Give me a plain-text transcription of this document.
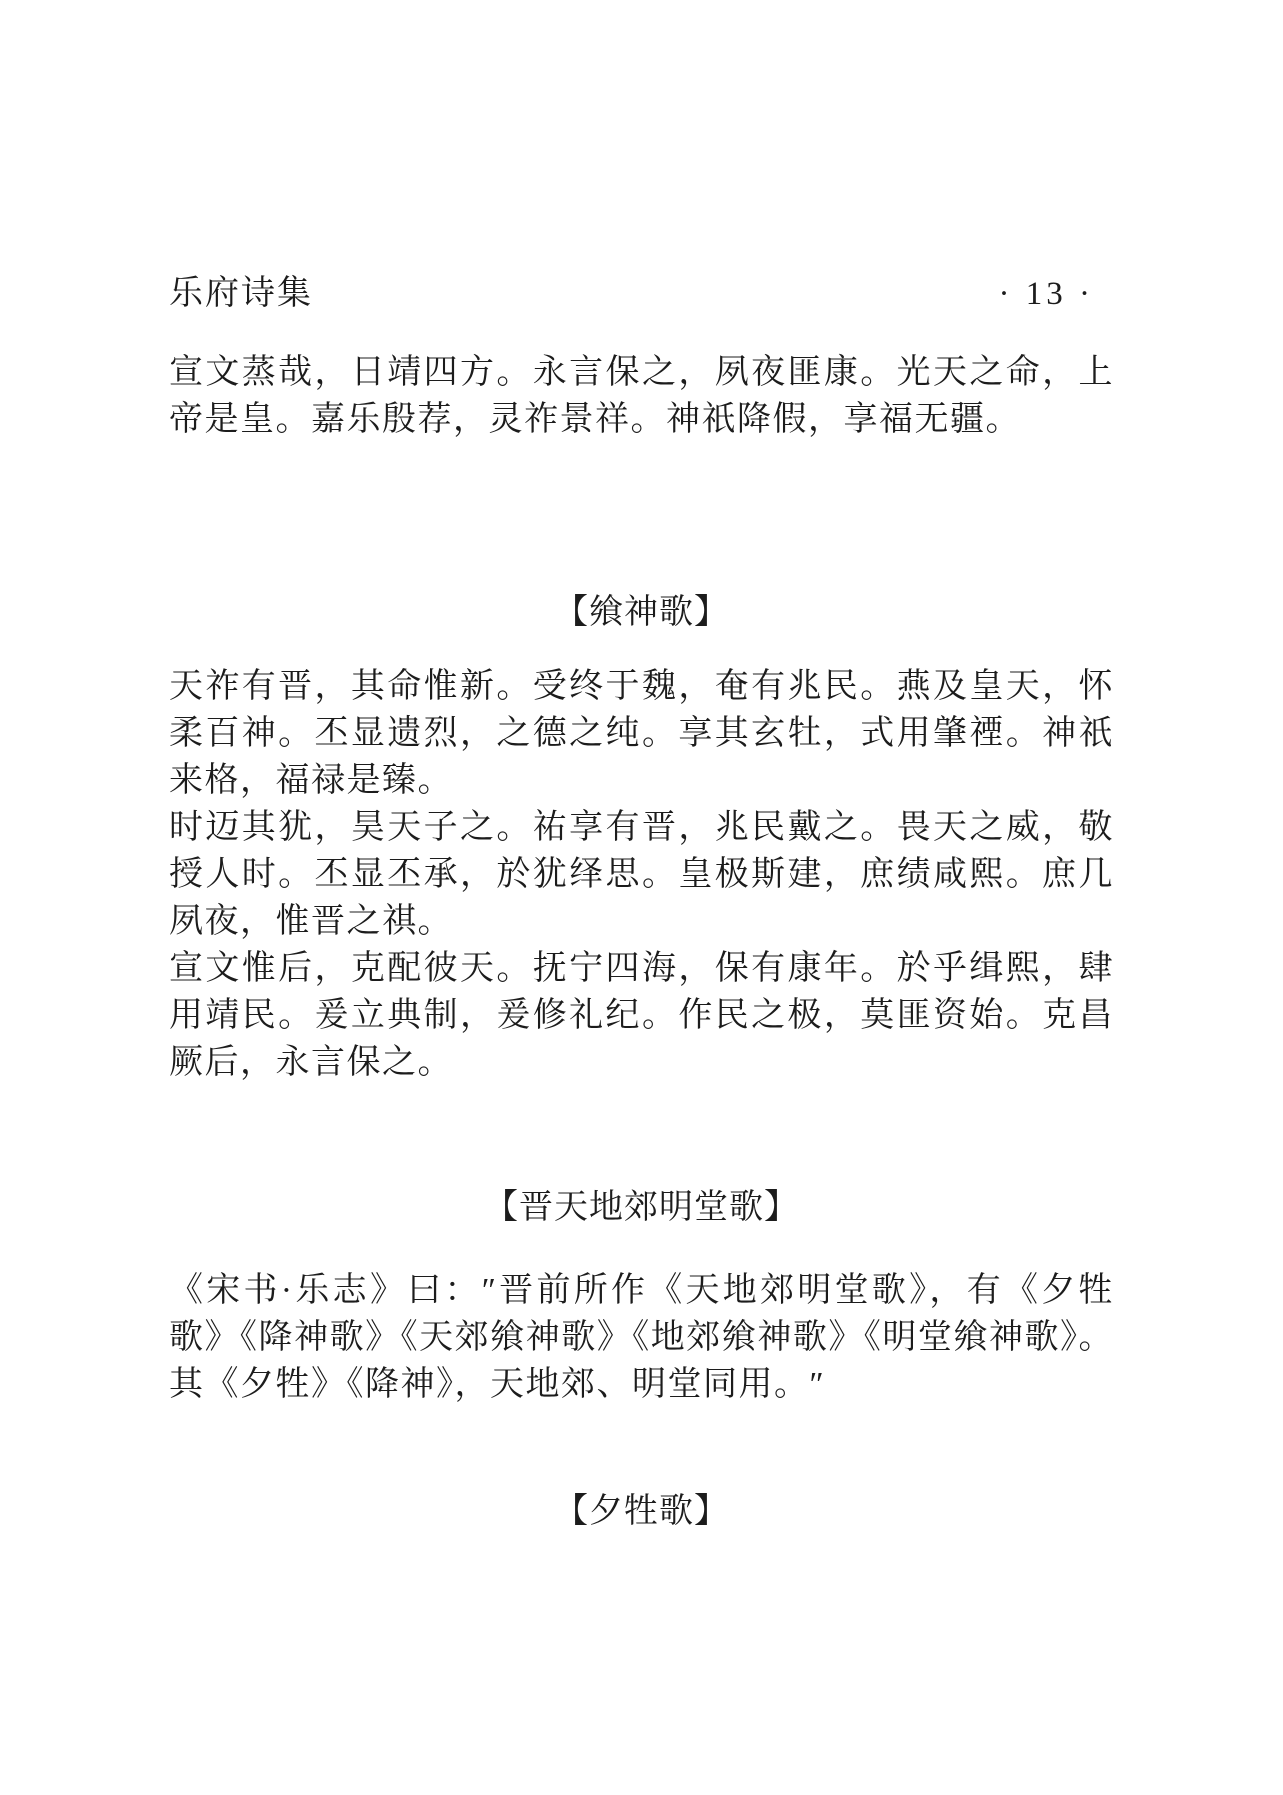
乐府诗集	· 13 ·

宣文蒸哉，日靖四方。永言保之，夙夜匪康。光天之命，上帝是皇。嘉乐殷荐，灵祚景祥。神祇降假，享福无疆。

【飨神歌】

天祚有晋，其命惟新。受终于魏，奄有兆民。燕及皇天，怀柔百神。丕显遗烈，之德之纯。享其玄牡，式用肇禋。神祇来格，福禄是臻。

时迈其犹，昊天子之。祐享有晋，兆民戴之。畏天之威，敬授人时。丕显丕承，於犹绎思。皇极斯建，庶绩咸熙。庶几夙夜，惟晋之祺。

宣文惟后，克配彼天。抚宁四海，保有康年。於乎缉熙，肆用靖民。爰立典制，爰修礼纪。作民之极，莫匪资始。克昌厥后，永言保之。

【晋天地郊明堂歌】

《宋书·乐志》曰：″晋前所作《天地郊明堂歌》，有《夕牲歌》《降神歌》《天郊飨神歌》《地郊飨神歌》《明堂飨神歌》。其《夕牲》《降神》，天地郊、明堂同用。″

【夕牲歌】
